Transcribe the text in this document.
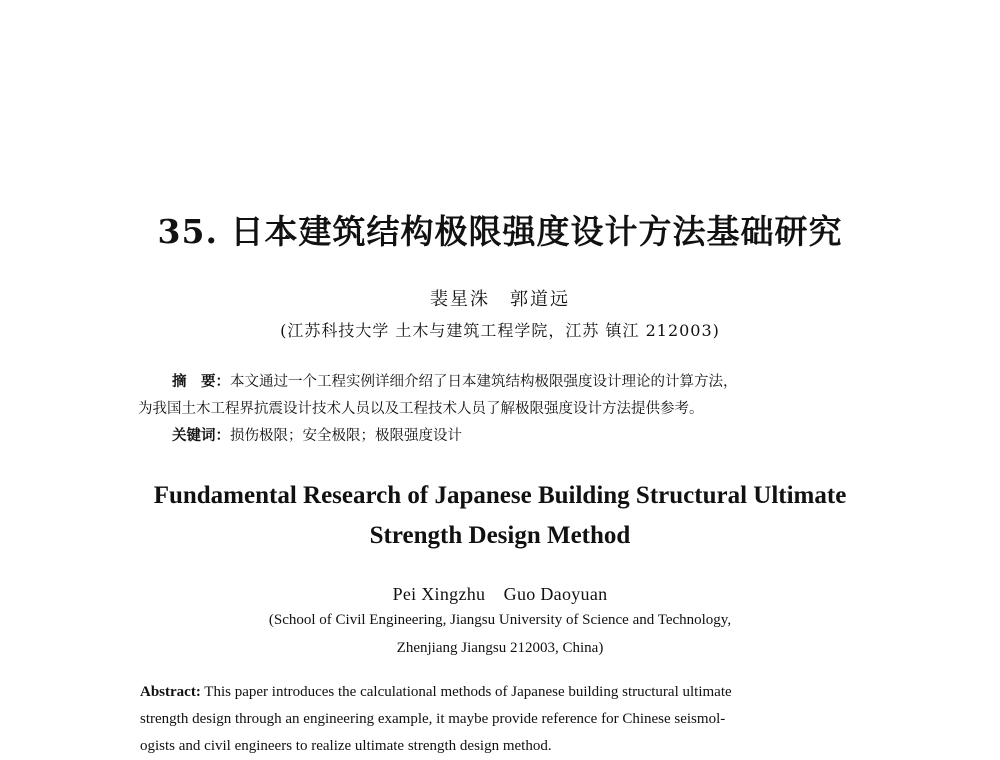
35. 日本建筑结构极限强度设计方法基础研究
裴星洙　郭道远
(江苏科技大学 土木与建筑工程学院，江苏 镇江 212003)
摘　要：本文通过一个工程实例详细介绍了日本建筑结构极限强度设计理论的计算方法，
为我国土木工程界抗震设计技术人员以及工程技术人员了解极限强度设计方法提供参考。
关键词：损伤极限；安全极限；极限强度设计
Fundamental Research of Japanese Building Structural Ultimate
Strength Design Method
Pei Xingzhu　Guo Daoyuan
(School of Civil Engineering, Jiangsu University of Science and Technology,
Zhenjiang Jiangsu 212003, China)
Abstract: This paper introduces the calculational methods of Japanese building structural ultimate
strength design through an engineering example, it maybe provide reference for Chinese seismol-
ogists and civil engineers to realize ultimate strength design method.
